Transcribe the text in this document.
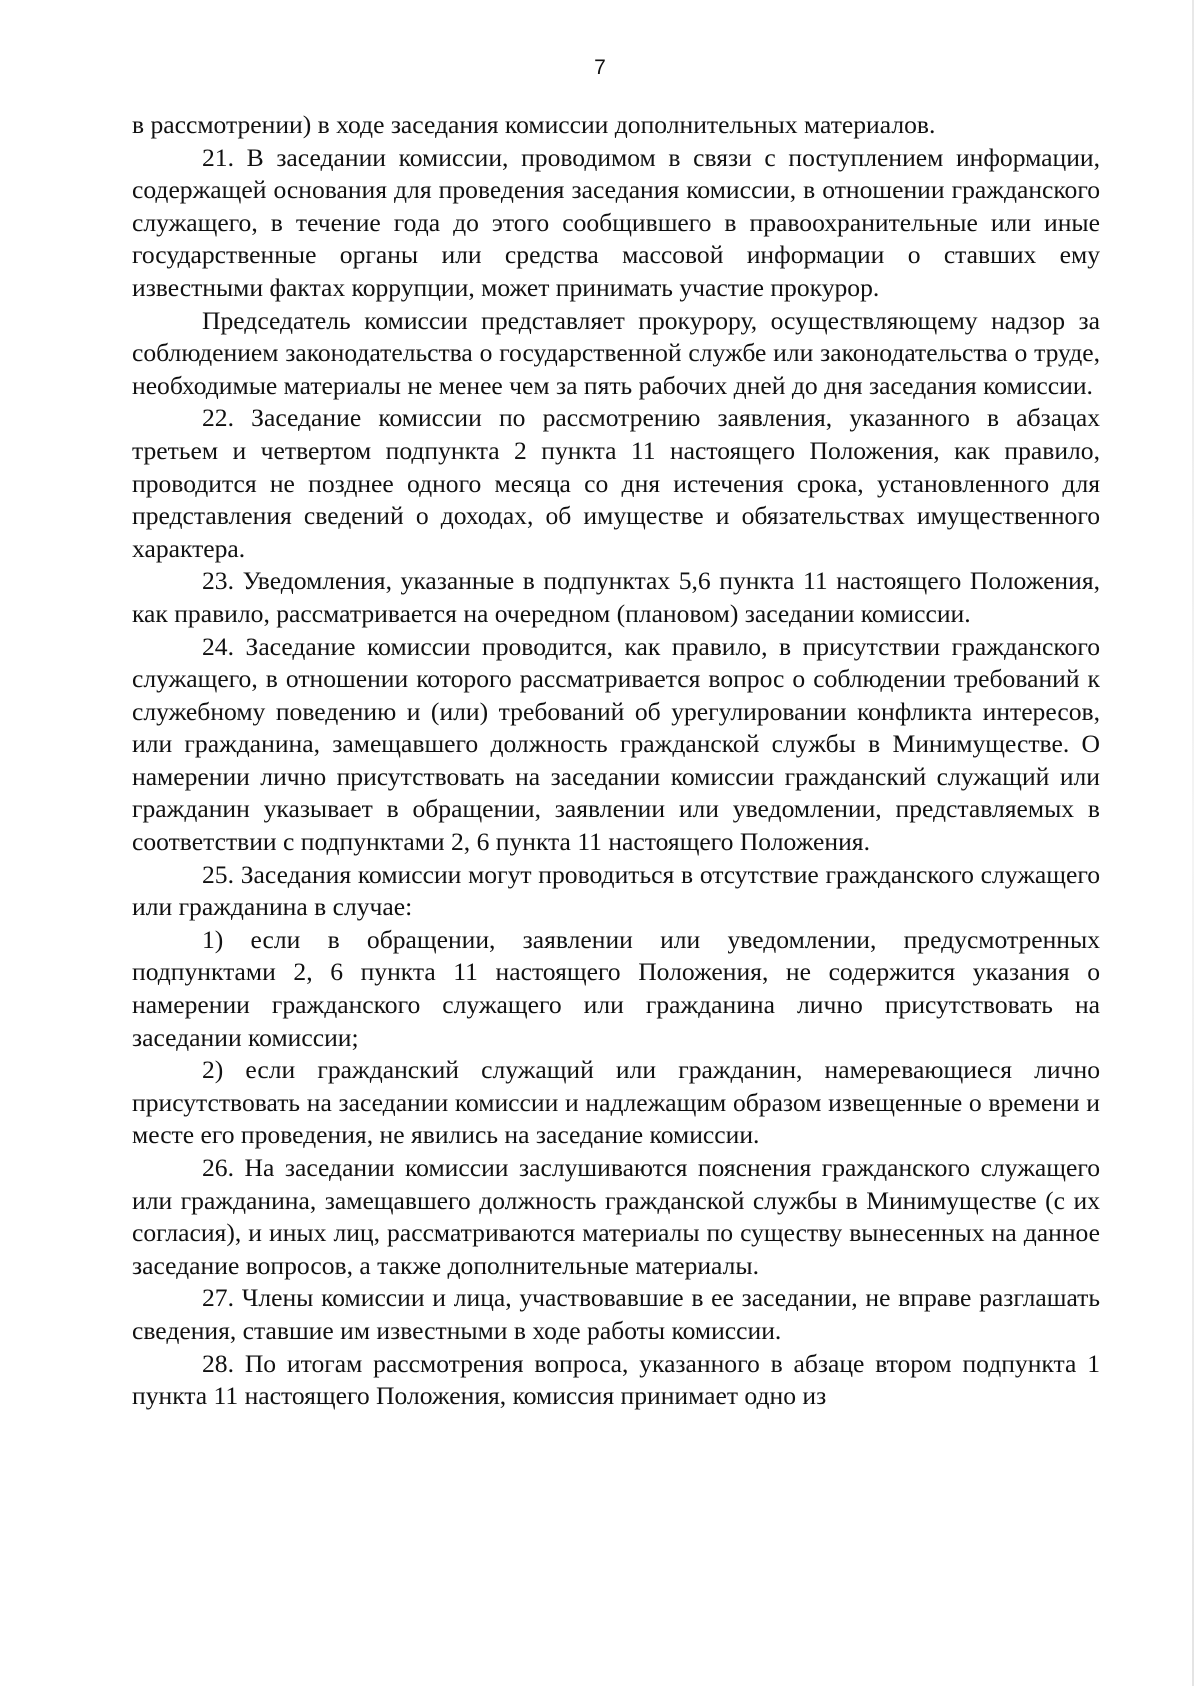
7

в рассмотрении) в ходе заседания комиссии дополнительных материалов.

21. В заседании комиссии, проводимом в связи с поступлением информации, содержащей основания для проведения заседания комиссии, в отношении гражданского служащего, в течение года до этого сообщившего в правоохранительные или иные государственные органы или средства массовой информации о ставших ему известными фактах коррупции, может принимать участие прокурор.

Председатель комиссии представляет прокурору, осуществляющему надзор за соблюдением законодательства о государственной службе или законодательства о труде, необходимые материалы не менее чем за пять рабочих дней до дня заседания комиссии.

22. Заседание комиссии по рассмотрению заявления, указанного в абзацах третьем и четвертом подпункта 2 пункта 11 настоящего Положения, как правило, проводится не позднее одного месяца со дня истечения срока, установленного для представления сведений о доходах, об имуществе и обязательствах имущественного характера.

23. Уведомления, указанные в подпунктах 5,6 пункта 11 настоящего Положения, как правило, рассматривается на очередном (плановом) заседании комиссии.

24. Заседание комиссии проводится, как правило, в присутствии гражданского служащего, в отношении которого рассматривается вопрос о соблюдении требований к служебному поведению и (или) требований об урегулировании конфликта интересов, или гражданина, замещавшего должность гражданской службы в Минимуществе. О намерении лично присутствовать на заседании комиссии гражданский служащий или гражданин указывает в обращении, заявлении или уведомлении, представляемых в соответствии с подпунктами 2, 6 пункта 11 настоящего Положения.

25. Заседания комиссии могут проводиться в отсутствие гражданского служащего или гражданина в случае:

1) если в обращении, заявлении или уведомлении, предусмотренных подпунктами 2, 6 пункта 11 настоящего Положения, не содержится указания о намерении гражданского служащего или гражданина лично присутствовать на заседании комиссии;

2) если гражданский служащий или гражданин, намеревающиеся лично присутствовать на заседании комиссии и надлежащим образом извещенные о времени и месте его проведения, не явились на заседание комиссии.

26. На заседании комиссии заслушиваются пояснения гражданского служащего или гражданина, замещавшего должность гражданской службы в Минимуществе (с их согласия), и иных лиц, рассматриваются материалы по существу вынесенных на данное заседание вопросов, а также дополнительные материалы.

27. Члены комиссии и лица, участвовавшие в ее заседании, не вправе разглашать сведения, ставшие им известными в ходе работы комиссии.

28. По итогам рассмотрения вопроса, указанного в абзаце втором подпункта 1 пункта 11 настоящего Положения, комиссия принимает одно из
